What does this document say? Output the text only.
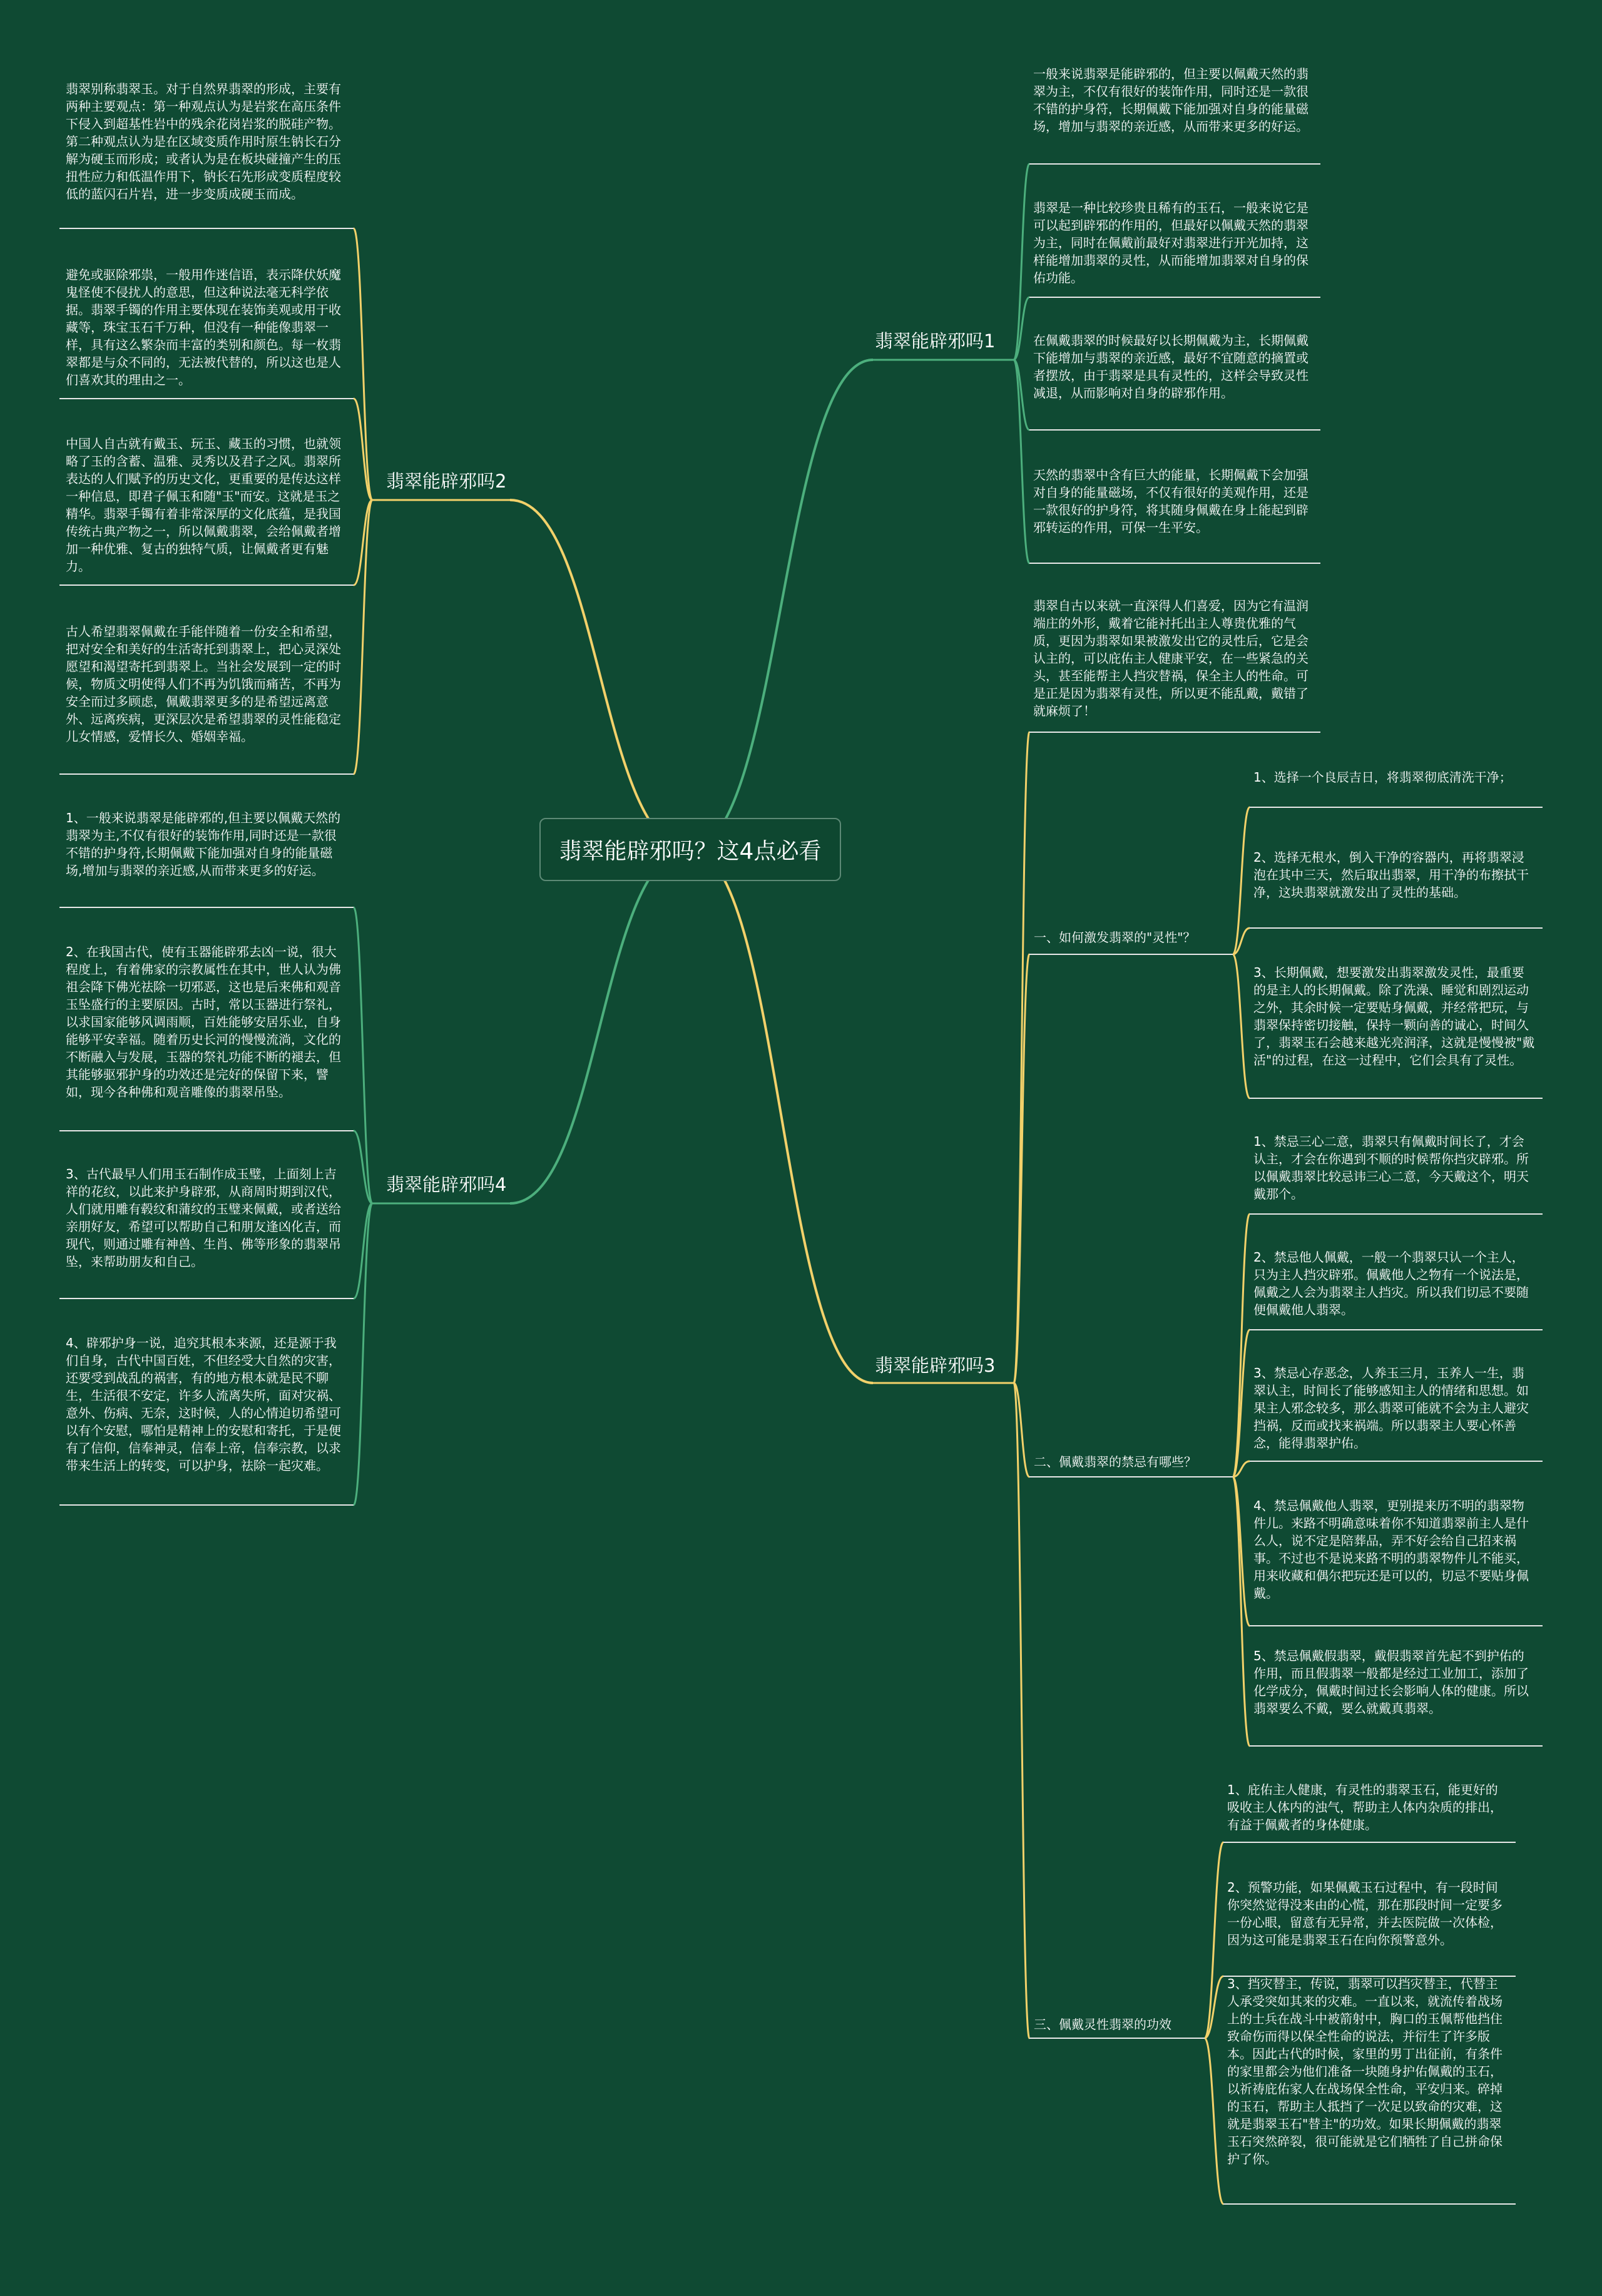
翡翠能辟邪吗？这4点必看
翡翠能辟邪吗1
一般来说翡翠是能辟邪的，但主要以佩戴天然的翡翠为主，不仅有很好的装饰作用，同时还是一款很不错的护身符，长期佩戴下能加强对自身的能量磁场，增加与翡翠的亲近感，从而带来更多的好运。
翡翠是一种比较珍贵且稀有的玉石，一般来说它是可以起到辟邪的作用的，但最好以佩戴天然的翡翠为主，同时在佩戴前最好对翡翠进行开光加持，这样能增加翡翠的灵性，从而能增加翡翠对自身的保佑功能。
在佩戴翡翠的时候最好以长期佩戴为主，长期佩戴下能增加与翡翠的亲近感，最好不宜随意的摘置或者摆放，由于翡翠是具有灵性的，这样会导致灵性减退，从而影响对自身的辟邪作用。
天然的翡翠中含有巨大的能量，长期佩戴下会加强对自身的能量磁场，不仅有很好的美观作用，还是一款很好的护身符，将其随身佩戴在身上能起到辟邪转运的作用，可保一生平安。
翡翠能辟邪吗2
翡翠别称翡翠玉。对于自然界翡翠的形成，主要有两种主要观点：第一种观点认为是岩浆在高压条件下侵入到超基性岩中的残余花岗岩浆的脱硅产物。第二种观点认为是在区域变质作用时原生钠长石分解为硬玉而形成；或者认为是在板块碰撞产生的压扭性应力和低温作用下，钠长石先形成变质程度较低的蓝闪石片岩，进一步变质成硬玉而成。
避免或驱除邪祟，一般用作迷信语，表示降伏妖魔鬼怪使不侵扰人的意思，但这种说法毫无科学依据。翡翠手镯的作用主要体现在装饰美观或用于收藏等，珠宝玉石千万种，但没有一种能像翡翠一样，具有这么繁杂而丰富的类别和颜色。每一枚翡翠都是与众不同的，无法被代替的，所以这也是人们喜欢其的理由之一。
中国人自古就有戴玉、玩玉、藏玉的习惯，也就领略了玉的含蓄、温雅、灵秀以及君子之风。翡翠所表达的人们赋予的历史文化，更重要的是传达这样一种信息，即君子佩玉和随"玉"而安。这就是玉之精华。翡翠手镯有着非常深厚的文化底蕴，是我国传统古典产物之一，所以佩戴翡翠，会给佩戴者增加一种优雅、复古的独特气质，让佩戴者更有魅力。
古人希望翡翠佩戴在手能伴随着一份安全和希望，把对安全和美好的生活寄托到翡翠上，把心灵深处愿望和渴望寄托到翡翠上。当社会发展到一定的时候，物质文明使得人们不再为饥饿而痛苦，不再为安全而过多顾虑，佩戴翡翠更多的是希望远离意外、远离疾病，更深层次是希望翡翠的灵性能稳定儿女情感，爱情长久、婚姻幸福。
翡翠能辟邪吗4
1、一般来说翡翠是能辟邪的,但主要以佩戴天然的翡翠为主,不仅有很好的装饰作用,同时还是一款很不错的护身符,长期佩戴下能加强对自身的能量磁场,增加与翡翠的亲近感,从而带来更多的好运。
2、在我国古代，使有玉器能辟邪去凶一说，很大程度上，有着佛家的宗教属性在其中，世人认为佛祖会降下佛光祛除一切邪恶，这也是后来佛和观音玉坠盛行的主要原因。古时，常以玉器进行祭礼，以求国家能够风调雨顺，百姓能够安居乐业，自身能够平安幸福。随着历史长河的慢慢流淌，文化的不断融入与发展，玉器的祭礼功能不断的褪去，但其能够驱邪护身的功效还是完好的保留下来，譬如，现今各种佛和观音雕像的翡翠吊坠。
3、古代最早人们用玉石制作成玉璧，上面刻上吉祥的花纹，以此来护身辟邪，从商周时期到汉代，人们就用雕有毂纹和蒲纹的玉璧来佩戴，或者送给亲朋好友，希望可以帮助自己和朋友逢凶化吉，而现代，则通过雕有神兽、生肖、佛等形象的翡翠吊坠，来帮助朋友和自己。
4、辟邪护身一说，追究其根本来源，还是源于我们自身，古代中国百姓，不但经受大自然的灾害，还要受到战乱的祸害，有的地方根本就是民不聊生，生活很不安定，许多人流离失所，面对灾祸、意外、伤病、无奈，这时候，人的心情迫切希望可以有个安慰，哪怕是精神上的安慰和寄托，于是便有了信仰，信奉神灵，信奉上帝，信奉宗教，以求带来生活上的转变，可以护身，祛除一起灾难。
翡翠能辟邪吗3
翡翠自古以来就一直深得人们喜爱，因为它有温润端庄的外形，戴着它能衬托出主人尊贵优雅的气质，更因为翡翠如果被激发出它的灵性后，它是会认主的，可以庇佑主人健康平安，在一些紧急的关头，甚至能帮主人挡灾替祸，保全主人的性命。可是正是因为翡翠有灵性，所以更不能乱戴，戴错了就麻烦了！
一、如何激发翡翠的"灵性"？
1、选择一个良辰吉日，将翡翠彻底清洗干净；
2、选择无根水，倒入干净的容器内，再将翡翠浸泡在其中三天，然后取出翡翠，用干净的布擦拭干净，这块翡翠就激发出了灵性的基础。
3、长期佩戴，想要激发出翡翠激发灵性，最重要的是主人的长期佩戴。除了洗澡、睡觉和剧烈运动之外，其余时候一定要贴身佩戴，并经常把玩，与翡翠保持密切接触，保持一颗向善的诚心，时间久了，翡翠玉石会越来越光亮润泽，这就是慢慢被"戴活"的过程，在这一过程中，它们会具有了灵性。
二、佩戴翡翠的禁忌有哪些？
1、禁忌三心二意，翡翠只有佩戴时间长了，才会认主，才会在你遇到不顺的时候帮你挡灾辟邪。所以佩戴翡翠比较忌讳三心二意，今天戴这个，明天戴那个。
2、禁忌他人佩戴，一般一个翡翠只认一个主人，只为主人挡灾辟邪。佩戴他人之物有一个说法是，佩戴之人会为翡翠主人挡灾。所以我们切忌不要随便佩戴他人翡翠。
3、禁忌心存恶念，人养玉三月，玉养人一生，翡翠认主，时间长了能够感知主人的情绪和思想。如果主人邪念较多，那么翡翠可能就不会为主人避灾挡祸，反而或找来祸端。所以翡翠主人要心怀善念，能得翡翠护佑。
4、禁忌佩戴他人翡翠，更别提来历不明的翡翠物件儿。来路不明确意味着你不知道翡翠前主人是什么人，说不定是陪葬品，弄不好会给自己招来祸事。不过也不是说来路不明的翡翠物件儿不能买，用来收藏和偶尔把玩还是可以的，切忌不要贴身佩戴。
5、禁忌佩戴假翡翠，戴假翡翠首先起不到护佑的作用，而且假翡翠一般都是经过工业加工，添加了化学成分，佩戴时间过长会影响人体的健康。所以翡翠要么不戴，要么就戴真翡翠。
三、佩戴灵性翡翠的功效
1、庇佑主人健康，有灵性的翡翠玉石，能更好的吸收主人体内的浊气，帮助主人体内杂质的排出，有益于佩戴者的身体健康。
2、预警功能，如果佩戴玉石过程中，有一段时间你突然觉得没来由的心慌，那在那段时间一定要多一份心眼，留意有无异常，并去医院做一次体检，因为这可能是翡翠玉石在向你预警意外。
3、挡灾替主，传说，翡翠可以挡灾替主，代替主人承受突如其来的灾难。一直以来，就流传着战场上的士兵在战斗中被箭射中，胸口的玉佩帮他挡住致命伤而得以保全性命的说法，并衍生了许多版本。因此古代的时候，家里的男丁出征前，有条件的家里都会为他们准备一块随身护佑佩戴的玉石，以祈祷庇佑家人在战场保全性命，平安归来。碎掉的玉石，帮助主人抵挡了一次足以致命的灾难，这就是翡翠玉石"替主"的功效。如果长期佩戴的翡翠玉石突然碎裂，很可能就是它们牺牲了自己拼命保护了你。
